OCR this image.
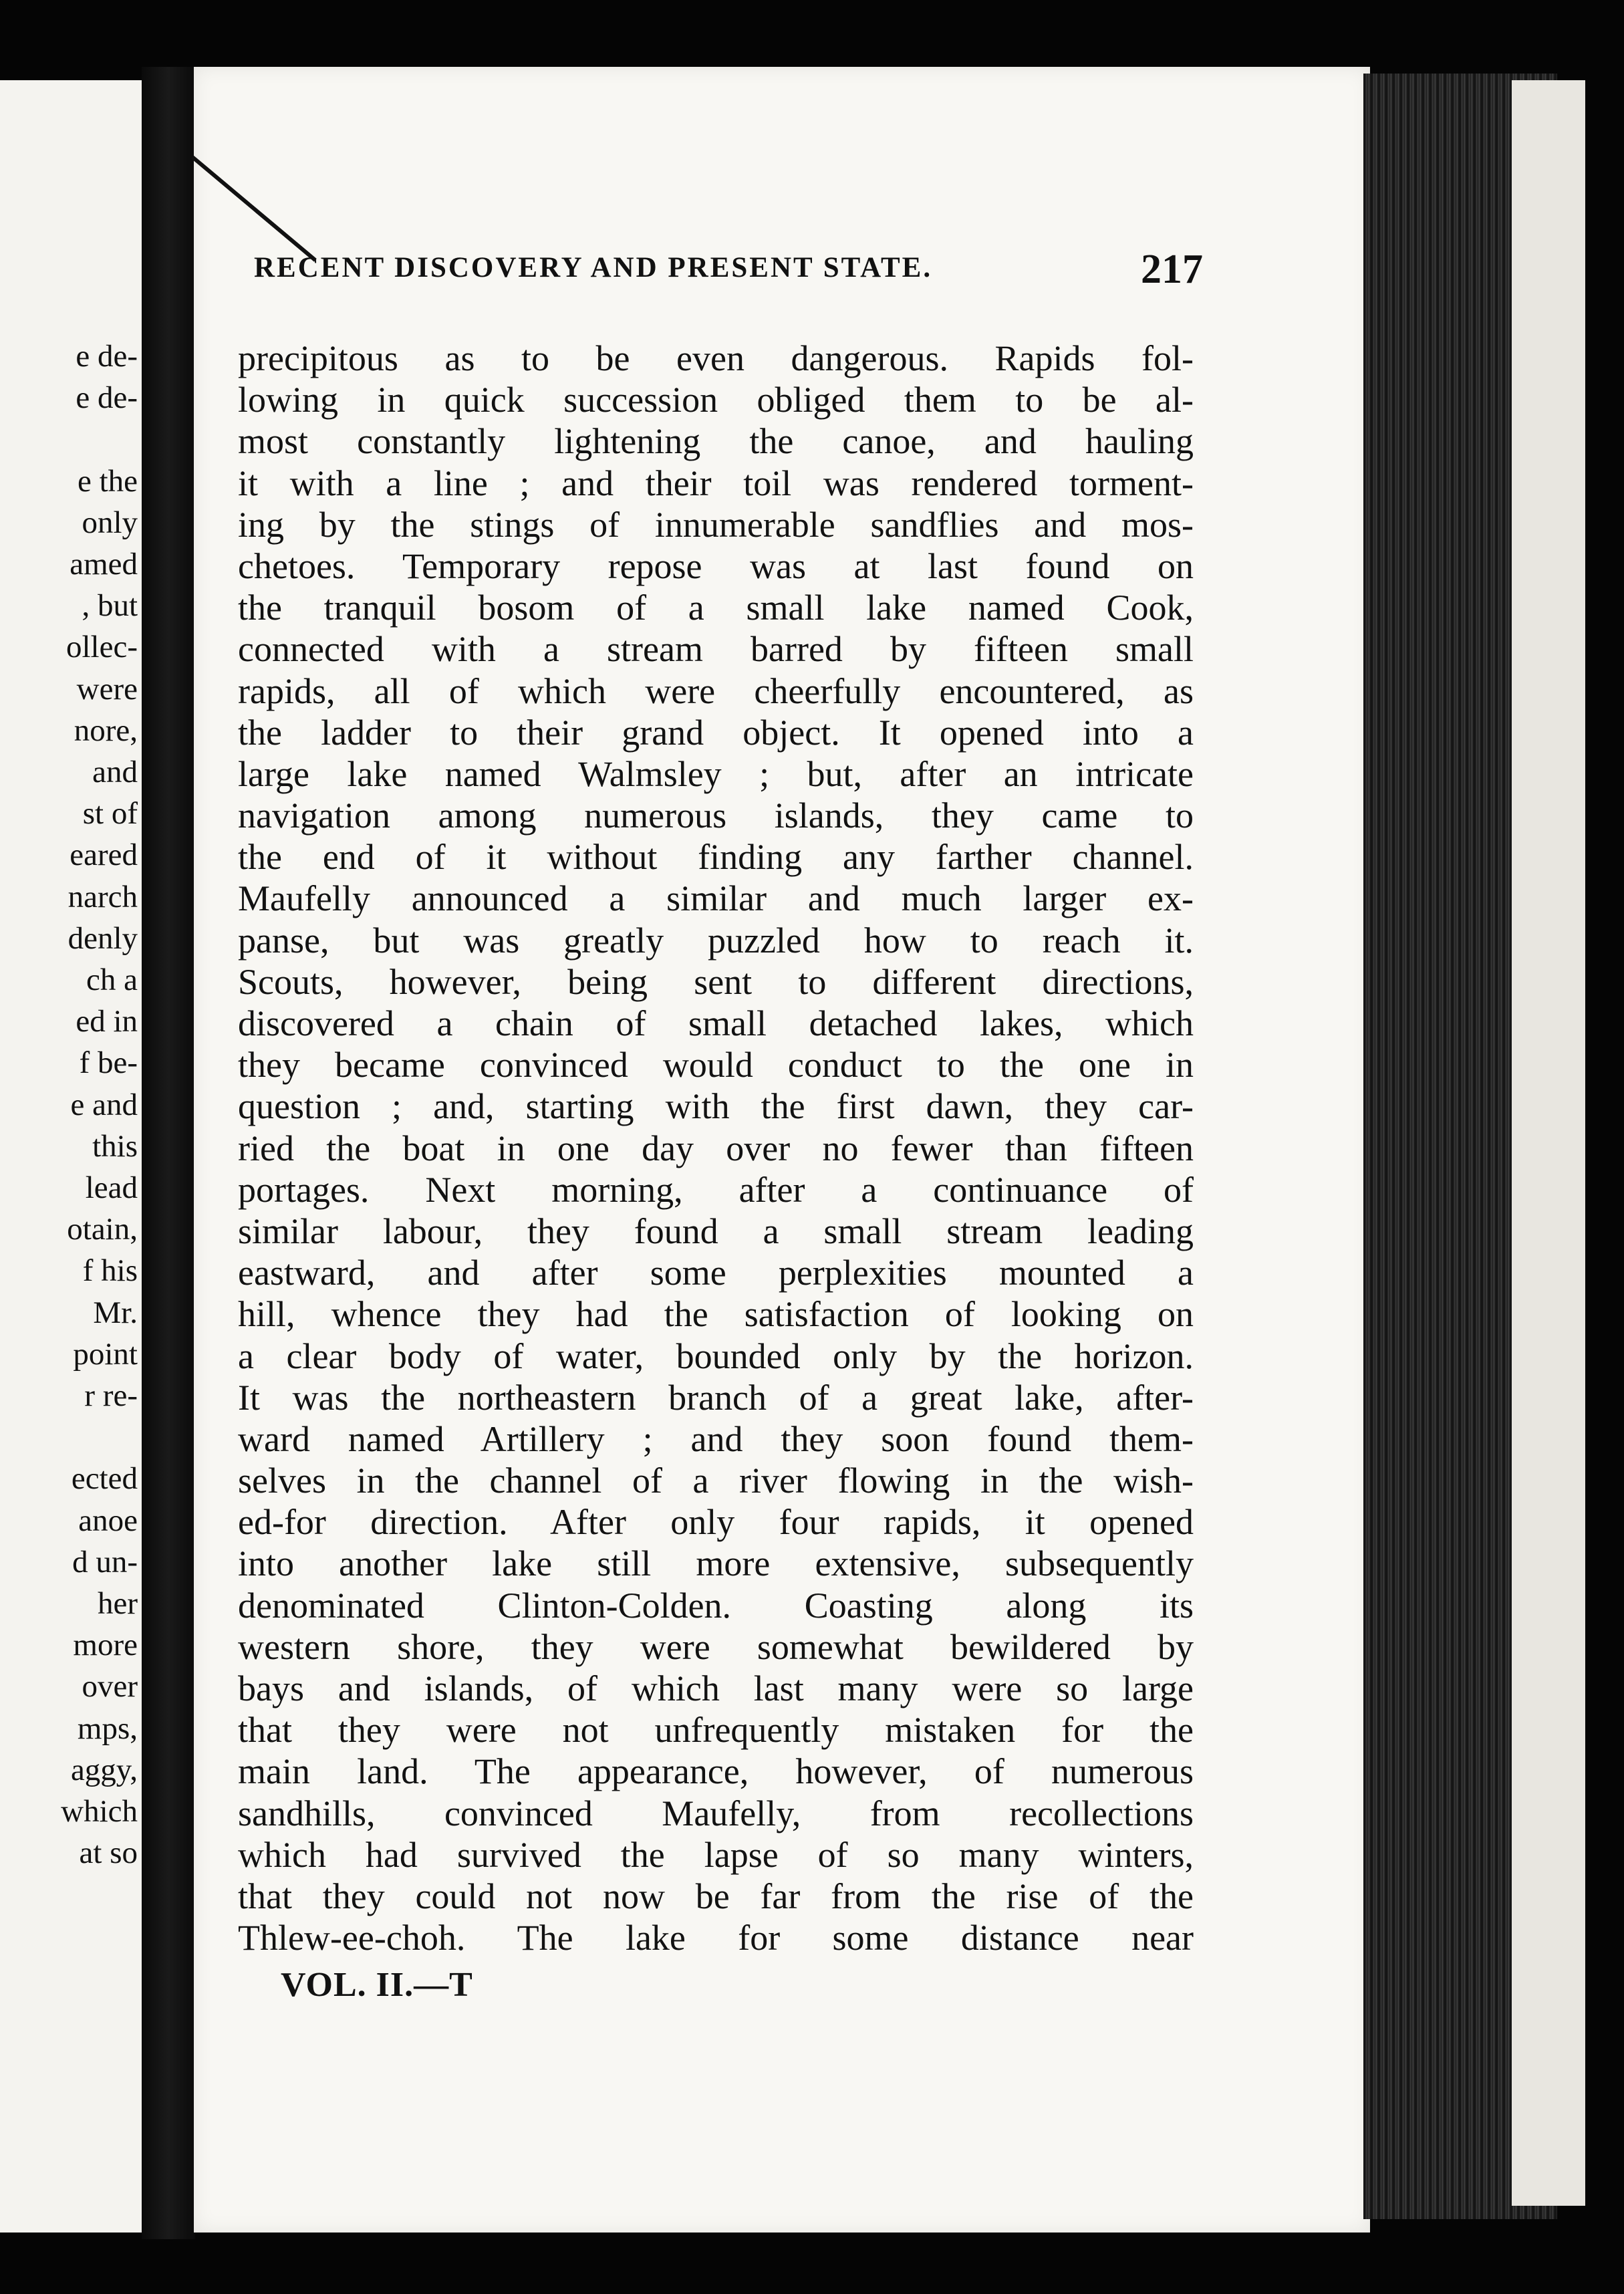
e de-
e de-
e the
only
amed
, but
ollec-
were
nore,
and
st of
eared
narch
denly
ch a
ed in
f be-
e and
this
lead
otain,
f his
Mr.
point
r re-
ected
anoe
d un-
her
more
over
mps,
aggy,
which
at so
RECENT DISCOVERY AND PRESENT STATE.	217
precipitous as to be even dangerous. Rapids fol-
lowing in quick succession obliged them to be al-
most constantly lightening the canoe, and hauling
it with a line ; and their toil was rendered torment-
ing by the stings of innumerable sandflies and mos-
chetoes. Temporary repose was at last found on
the tranquil bosom of a small lake named Cook,
connected with a stream barred by fifteen small
rapids, all of which were cheerfully encountered, as
the ladder to their grand object. It opened into a
large lake named Walmsley ; but, after an intricate
navigation among numerous islands, they came to
the end of it without finding any farther channel.
Maufelly announced a similar and much larger ex-
panse, but was greatly puzzled how to reach it.
Scouts, however, being sent to different directions,
discovered a chain of small detached lakes, which
they became convinced would conduct to the one in
question ; and, starting with the first dawn, they car-
ried the boat in one day over no fewer than fifteen
portages. Next morning, after a continuance of
similar labour, they found a small stream leading
eastward, and after some perplexities mounted a
hill, whence they had the satisfaction of looking on
a clear body of water, bounded only by the horizon.
It was the northeastern branch of a great lake, after-
ward named Artillery ; and they soon found them-
selves in the channel of a river flowing in the wish-
ed-for direction. After only four rapids, it opened
into another lake still more extensive, subsequently
denominated Clinton-Colden. Coasting along its
western shore, they were somewhat bewildered by
bays and islands, of which last many were so large
that they were not unfrequently mistaken for the
main land. The appearance, however, of numerous
sandhills, convinced Maufelly, from recollections
which had survived the lapse of so many winters,
that they could not now be far from the rise of the
Thlew-ee-choh. The lake for some distance near
VOL. II.—T
